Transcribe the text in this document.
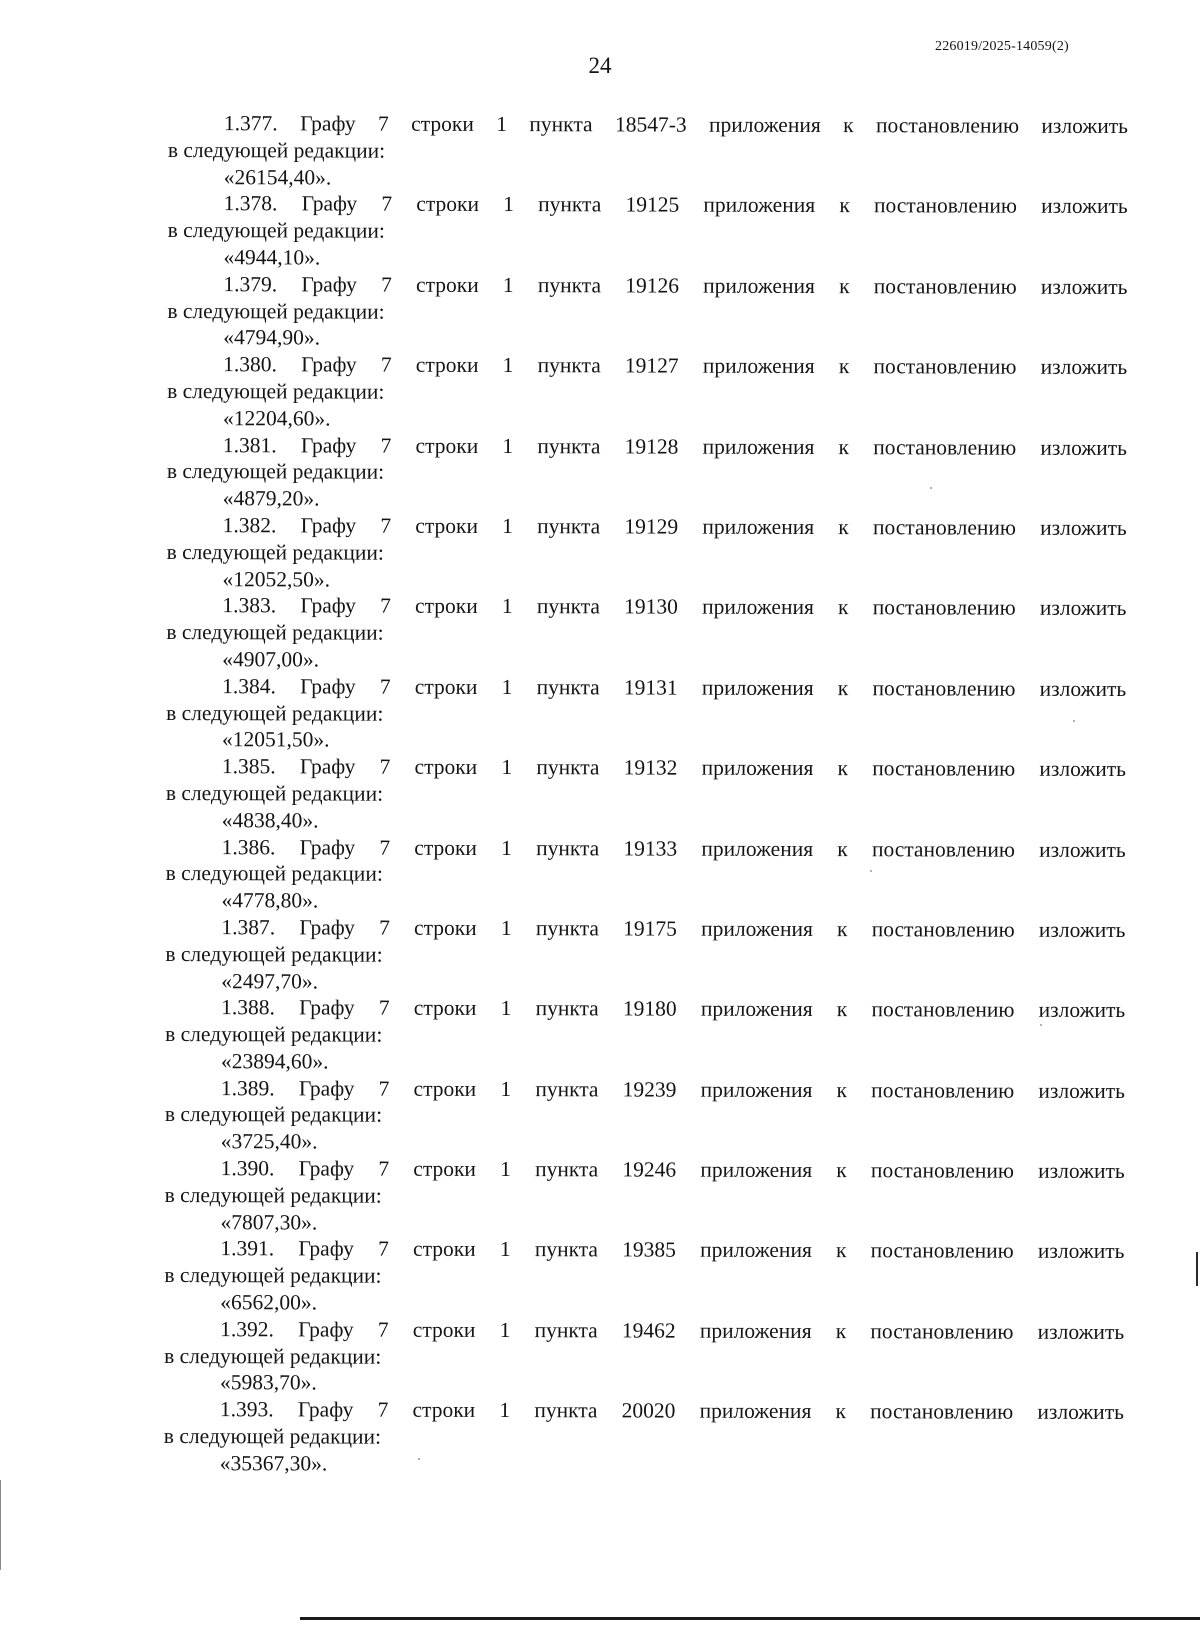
226019/2025-14059(2)
24
1.377. Графу 7 строки 1 пункта 18547-3 приложения к постановлению изложить
в следующей редакции:
«26154,40».
1.378. Графу 7 строки 1 пункта 19125 приложения к постановлению изложить
в следующей редакции:
«4944,10».
1.379. Графу 7 строки 1 пункта 19126 приложения к постановлению изложить
в следующей редакции:
«4794,90».
1.380. Графу 7 строки 1 пункта 19127 приложения к постановлению изложить
в следующей редакции:
«12204,60».
1.381. Графу 7 строки 1 пункта 19128 приложения к постановлению изложить
в следующей редакции:
«4879,20».
1.382. Графу 7 строки 1 пункта 19129 приложения к постановлению изложить
в следующей редакции:
«12052,50».
1.383. Графу 7 строки 1 пункта 19130 приложения к постановлению изложить
в следующей редакции:
«4907,00».
1.384. Графу 7 строки 1 пункта 19131 приложения к постановлению изложить
в следующей редакции:
«12051,50».
1.385. Графу 7 строки 1 пункта 19132 приложения к постановлению изложить
в следующей редакции:
«4838,40».
1.386. Графу 7 строки 1 пункта 19133 приложения к постановлению изложить
в следующей редакции:
«4778,80».
1.387. Графу 7 строки 1 пункта 19175 приложения к постановлению изложить
в следующей редакции:
«2497,70».
1.388. Графу 7 строки 1 пункта 19180 приложения к постановлению изложить
в следующей редакции:
«23894,60».
1.389. Графу 7 строки 1 пункта 19239 приложения к постановлению изложить
в следующей редакции:
«3725,40».
1.390. Графу 7 строки 1 пункта 19246 приложения к постановлению изложить
в следующей редакции:
«7807,30».
1.391. Графу 7 строки 1 пункта 19385 приложения к постановлению изложить
в следующей редакции:
«6562,00».
1.392. Графу 7 строки 1 пункта 19462 приложения к постановлению изложить
в следующей редакции:
«5983,70».
1.393. Графу 7 строки 1 пункта 20020 приложения к постановлению изложить
в следующей редакции:
«35367,30».
